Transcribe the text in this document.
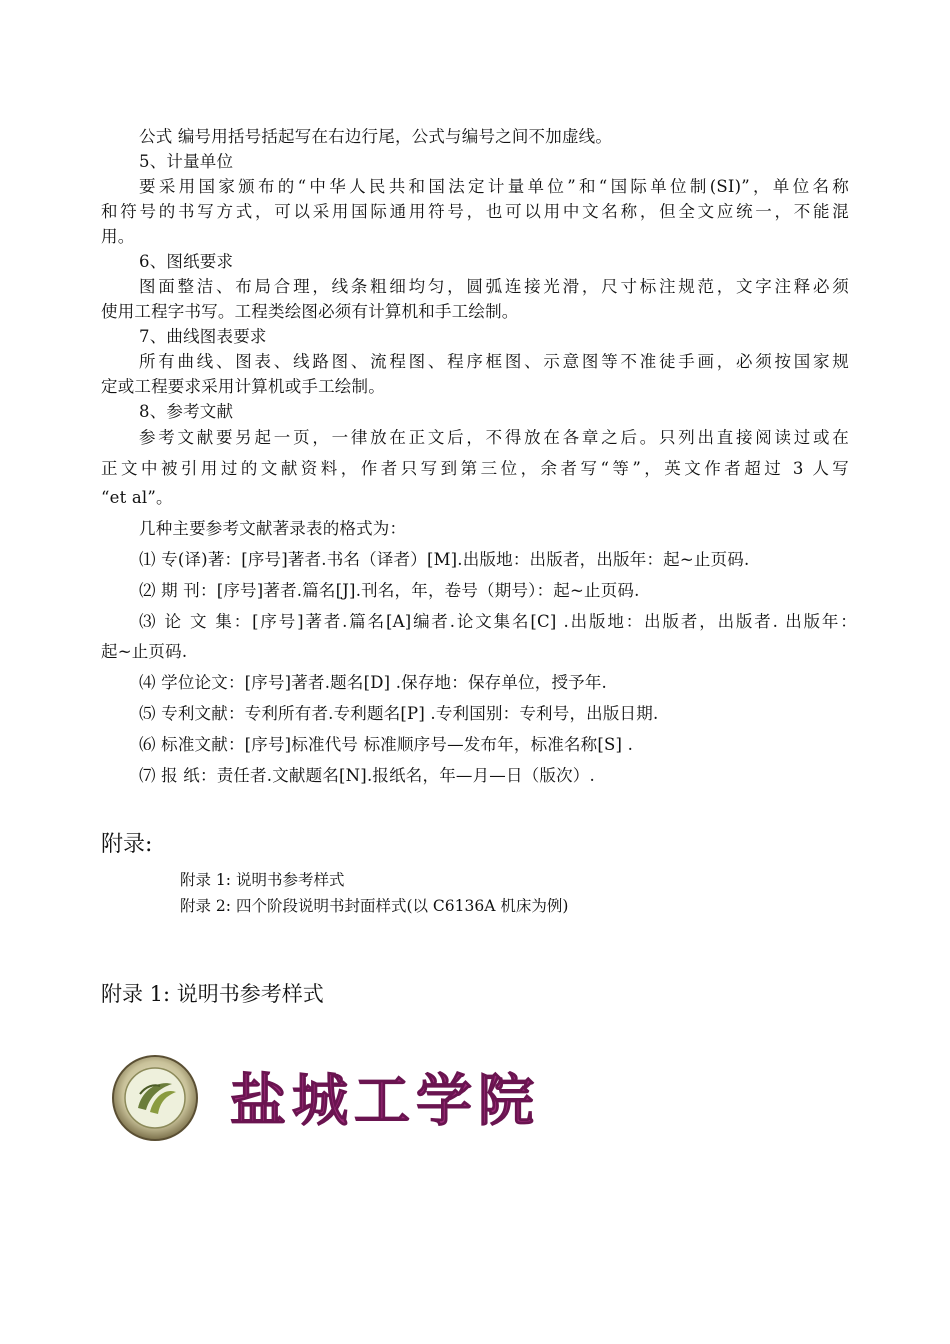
公式 编号用括号括起写在右边行尾，公式与编号之间不加虚线。
5、计量单位
要采用国家颁布的“中华人民共和国法定计量单位”和“国际单位制(SI)”，单位名称
和符号的书写方式，可以采用国际通用符号，也可以用中文名称，但全文应统一，不能混
用。
6、图纸要求
图面整洁、布局合理，线条粗细均匀，圆弧连接光滑，尺寸标注规范，文字注释必须
使用工程字书写。工程类绘图必须有计算机和手工绘制。
7、曲线图表要求
所有曲线、图表、线路图、流程图、程序框图、示意图等不准徒手画，必须按国家规
定或工程要求采用计算机或手工绘制。
8、参考文献
参考文献要另起一页，一律放在正文后，不得放在各章之后。只列出直接阅读过或在
正文中被引用过的文献资料，作者只写到第三位，余者写“等”，英文作者超过 3 人写
“et al”。
几种主要参考文献著录表的格式为：
⑴ 专(译)著：[序号]著者.书名（译者）[M].出版地：出版者，出版年：起~止页码.
⑵ 期 刊：[序号]著者.篇名[J].刊名，年，卷号（期号）：起~止页码.
⑶ 论 文 集：[序号]著者.篇名[A]编者.论文集名[C] .出版地：出版者，出版者. 出版年：
起~止页码.
⑷ 学位论文：[序号]著者.题名[D] .保存地：保存单位，授予年.
⑸ 专利文献：专利所有者.专利题名[P] .专利国别：专利号，出版日期.
⑹ 标准文献：[序号]标准代号 标准顺序号—发布年，标准名称[S] .
⑺ 报 纸：责任者.文献题名[N].报纸名，年—月—日（版次）.
附录:
附录 1: 说明书参考样式
附录 2: 四个阶段说明书封面样式(以 C6136A 机床为例)
附录 1: 说明书参考样式
盐城工学院
